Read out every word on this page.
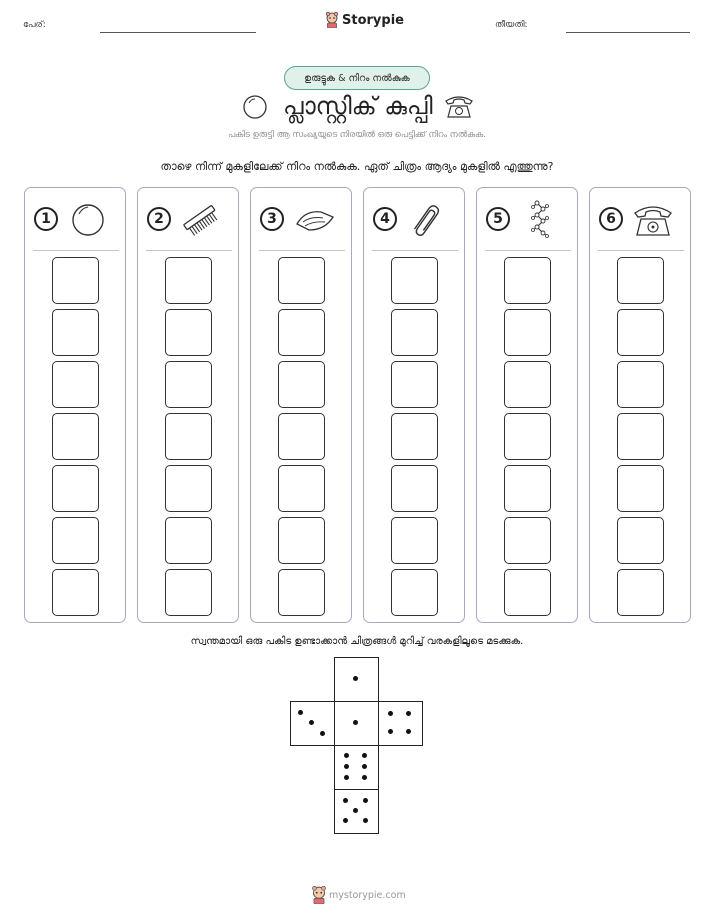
പേര്:	Storypie	തീയതി:
ഉരുട്ടുക & നിറം നൽകുക
പ്ലാസ്റ്റിക് കുപ്പി
പകിട ഉരുട്ടി ആ സംഖ്യയുടെ നിരയിൽ ഒരു പെട്ടിക്ക് നിറം നൽകുക.
താഴെ നിന്ന് മുകളിലേക്ക് നിറം നൽകുക. ഏത് ചിത്രം ആദ്യം മുകളിൽ എത്തുന്നു?
1	2	3	4	5	6
സ്വന്തമായി ഒരു പകിട ഉണ്ടാക്കാൻ ചിത്രങ്ങൾ മുറിച്ച് വരകളിലൂടെ മടക്കുക.
mystorypie.com
